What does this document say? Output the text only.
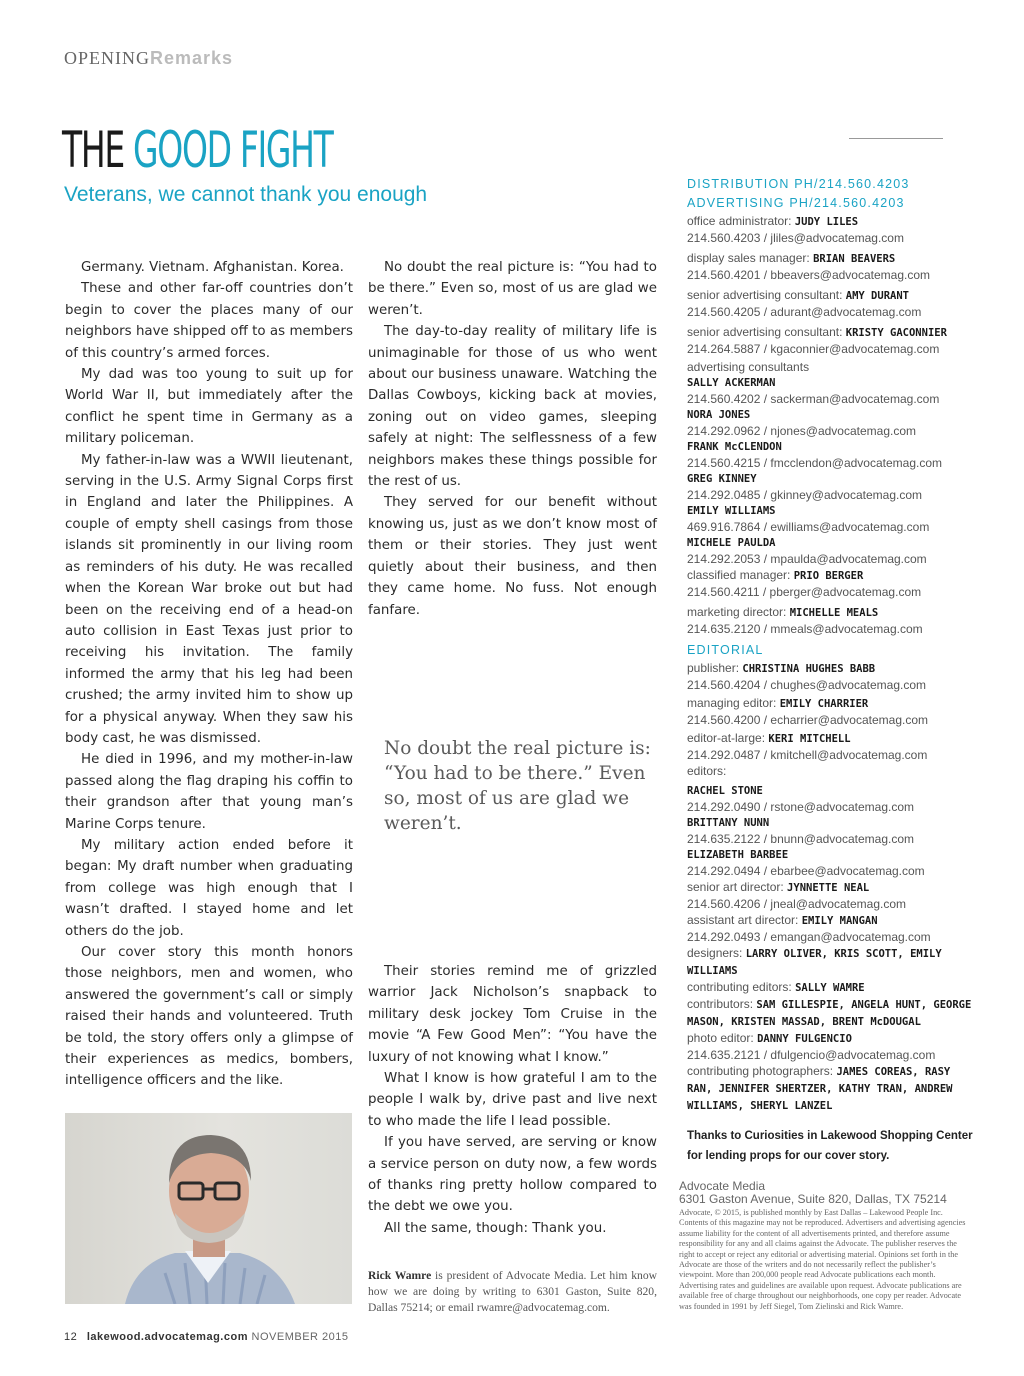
OPENINGRemarks
THE GOOD FIGHT
Veterans, we cannot thank you enough

Germany. Vietnam. Afghanistan. Korea.

These and other far-off countries don’t begin to cover the places many of our neighbors have shipped off to as members of this country’s armed forces.

My dad was too young to suit up for World War II, but immediately after the conflict he spent time in Germany as a military policeman.

My father-in-law was a WWII lieutenant, serving in the U.S. Army Signal Corps first in England and later the Philippines. A couple of empty shell casings from those islands sit prominently in our living room as reminders of his duty. He was recalled when the Korean War broke out but had been on the receiving end of a head-on auto collision in East Texas just prior to receiving his invitation. The family informed the army that his leg had been crushed; the army invited him to show up for a physical anyway. When they saw his body cast, he was dismissed.

He died in 1996, and my mother-in-law passed along the flag draping his coffin to their grandson after that young man’s Marine Corps tenure.

My military action ended before it began: My draft number when graduating from college was high enough that I wasn’t drafted. I stayed home and let others do the job.

Our cover story this month honors those neighbors, men and women, who answered the government’s call or simply raised their hands and volunteered. Truth be told, the story offers only a glimpse of their experiences as medics, bombers, intelligence officers and the like.

No doubt the real picture is: “You had to be there.” Even so, most of us are glad we weren’t.

The day-to-day reality of military life is unimaginable for those of us who went about our business unaware. Watching the Dallas Cowboys, kicking back at movies, zoning out on video games, sleeping safely at night: The selflessness of a few neighbors makes these things possible for the rest of us.

They served for our benefit without knowing us, just as we don’t know most of them or their stories. They just went quietly about their business, and then they came home. No fuss. Not enough fanfare.

No doubt the real picture is: “You had to be there.” Even so, most of us are glad we weren’t.

Their stories remind me of grizzled warrior Jack Nicholson’s snapback to military desk jockey Tom Cruise in the movie “A Few Good Men”: “You have the luxury of not knowing what I know.”

What I know is how grateful I am to the people I walk by, drive past and live next to who made the life I lead possible.

If you have served, are serving or know a service person on duty now, a few words of thanks ring pretty hollow compared to the debt we owe you.

All the same, though: Thank you.

Rick Wamre is president of Advocate Media. Let him know how we are doing by writing to 6301 Gaston, Suite 820, Dallas 75214; or email rwamre@advocatemag.com.
12 lakewood.advocatemag.com NOVEMBER 2015
DISTRIBUTION PH/214.560.4203
ADVERTISING PH/214.560.4203
office administrator: JUDY LILES
214.560.4203 / jliles@advocatemag.com
display sales manager: BRIAN BEAVERS
214.560.4201 / bbeavers@advocatemag.com
senior advertising consultant: AMY DURANT
214.560.4205 / adurant@advocatemag.com
senior advertising consultant: KRISTY GACONNIER
214.264.5887 / kgaconnier@advocatemag.com
advertising consultants
SALLY ACKERMAN
214.560.4202 / sackerman@advocatemag.com
NORA JONES
214.292.0962 / njones@advocatemag.com
FRANK McCLENDON
214.560.4215 / fmcclendon@advocatemag.com
GREG KINNEY
214.292.0485 / gkinney@advocatemag.com
EMILY WILLIAMS
469.916.7864 / ewilliams@advocatemag.com
MICHELE PAULDA
214.292.2053 / mpaulda@advocatemag.com
classified manager: PRIO BERGER
214.560.4211 / pberger@advocatemag.com
marketing director: MICHELLE MEALS
214.635.2120 / mmeals@advocatemag.com
EDITORIAL
publisher: CHRISTINA HUGHES BABB
214.560.4204 / chughes@advocatemag.com
managing editor: EMILY CHARRIER
214.560.4200 / echarrier@advocatemag.com
editor-at-large: KERI MITCHELL
214.292.0487 / kmitchell@advocatemag.com
editors:
RACHEL STONE
214.292.0490 / rstone@advocatemag.com
BRITTANY NUNN
214.635.2122 / bnunn@advocatemag.com
ELIZABETH BARBEE
214.292.0494 / ebarbee@advocatemag.com
senior art director: JYNNETTE NEAL
214.560.4206 / jneal@advocatemag.com
assistant art director: EMILY MANGAN
214.292.0493 / emangan@advocatemag.com
designers: LARRY OLIVER, KRIS SCOTT, EMILY WILLIAMS
contributing editors: SALLY WAMRE
contributors: SAM GILLESPIE, ANGELA HUNT, GEORGE MASON, KRISTEN MASSAD, BRENT McDOUGAL
photo editor: DANNY FULGENCIO
214.635.2121 / dfulgencio@advocatemag.com
contributing photographers: JAMES COREAS, RASY RAN, JENNIFER SHERTZER, KATHY TRAN, ANDREW WILLIAMS, SHERYL LANZEL
Thanks to Curiosities in Lakewood Shopping Center for lending props for our cover story.
Advocate Media
6301 Gaston Avenue, Suite 820, Dallas, TX 75214
Advocate, © 2015, is published monthly by East Dallas – Lakewood People Inc. Contents of this magazine may not be reproduced. Advertisers and advertising agencies assume liability for the content of all advertisements printed, and therefore assume responsibility for any and all claims against the Advocate. The publisher reserves the right to accept or reject any editorial or advertising material. Opinions set forth in the Advocate are those of the writers and do not necessarily reflect the publisher’s viewpoint. More than 200,000 people read Advocate publications each month. Advertising rates and guidelines are available upon request. Advocate publications are available free of charge throughout our neighborhoods, one copy per reader. Advocate was founded in 1991 by Jeff Siegel, Tom Zielinski and Rick Wamre.
